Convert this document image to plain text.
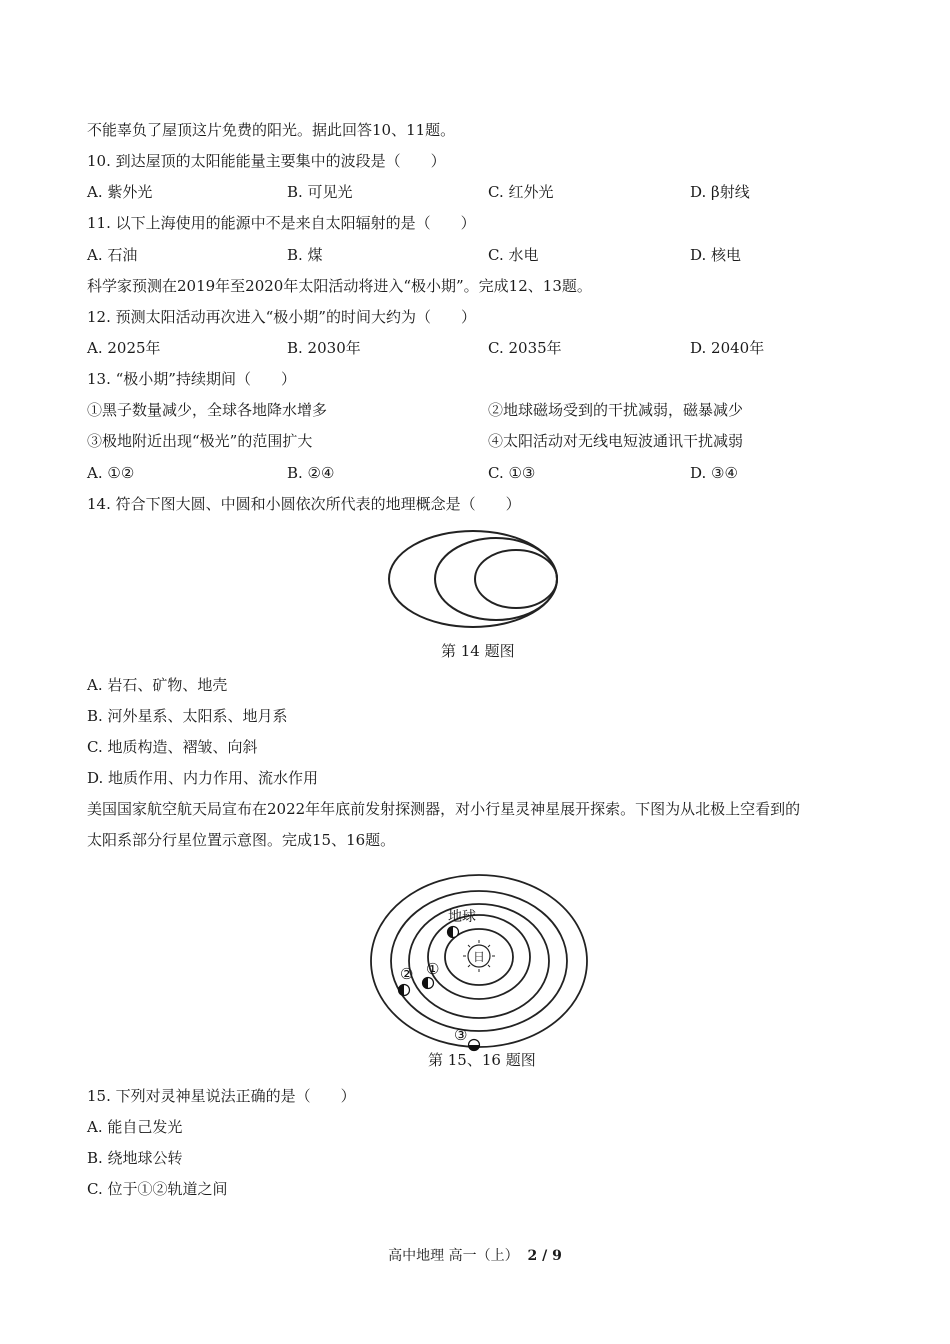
不能辜负了屋顶这片免费的阳光。据此回答10、11题。
10. 到达屋顶的太阳能能量主要集中的波段是（　　）
A. 紫外光	B. 可见光	C. 红外光	D. β射线
11. 以下上海使用的能源中不是来自太阳辐射的是（　　）
A. 石油	B. 煤	C. 水电	D. 核电
科学家预测在2019年至2020年太阳活动将进入“极小期”。完成12、13题。
12. 预测太阳活动再次进入“极小期”的时间大约为（　　）
A. 2025年	B. 2030年	C. 2035年	D. 2040年
13. “极小期”持续期间（　　）
①黑子数量减少，全球各地降水增多	②地球磁场受到的干扰减弱，磁暴减少
③极地附近出现“极光”的范围扩大	④太阳活动对无线电短波通讯干扰减弱
A. ①②	B. ②④	C. ①③	D. ③④
14. 符合下图大圆、中圆和小圆依次所代表的地理概念是（　　）
第 14 题图
A. 岩石、矿物、地壳
B. 河外星系、太阳系、地月系
C. 地质构造、褶皱、向斜
D. 地质作用、内力作用、流水作用
美国国家航空航天局宣布在2022年年底前发射探测器，对小行星灵神星展开探索。下图为从北极上空看到的
太阳系部分行星位置示意图。完成15、16题。
日
地球
①
②
③
第 15、16 题图
15. 下列对灵神星说法正确的是（　　）
A. 能自己发光
B. 绕地球公转
C. 位于①②轨道之间
高中地理 高一（上） 2 / 9
